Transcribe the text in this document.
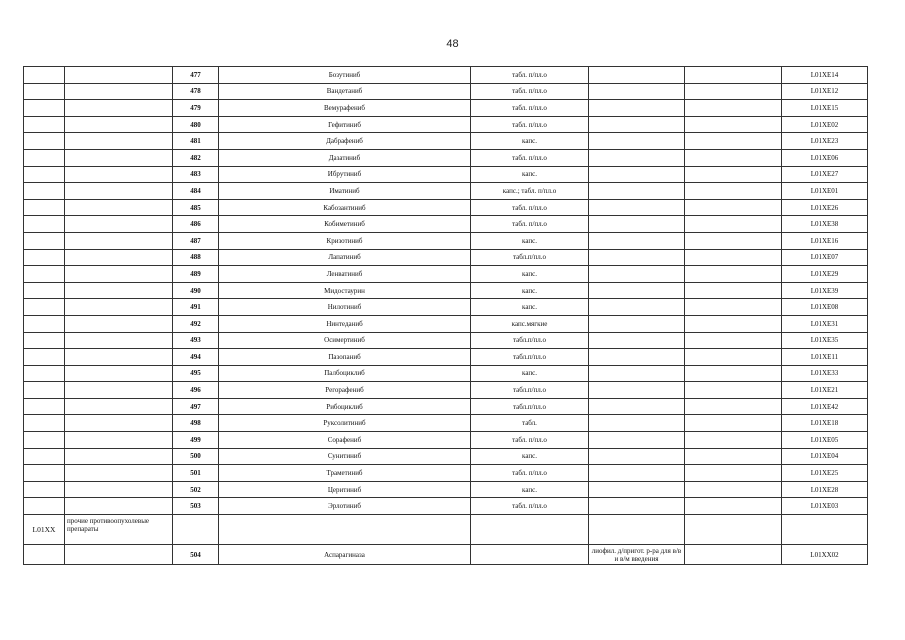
48
		477	Бозутиниб	табл. п/пл.о			L01XE14
		478	Вандетаниб	табл. п/пл.о			L01XE12
		479	Вемурафениб	табл. п/пл.о			L01XE15
		480	Гефитиниб	табл. п/пл.о			L01XE02
		481	Дабрафениб	капс.			L01XE23
		482	Дазатиниб	табл. п/пл.о			L01XE06
		483	Ибрутиниб	капс.			L01XE27
		484	Иматиниб	капс.; табл. п/пл.о			L01XE01
		485	Кабозантиниб	табл. п/пл.о			L01XE26
		486	Кобиметиниб	табл. п/пл.о			L01XE38
		487	Кризотиниб	капс.			L01XE16
		488	Лапатиниб	табл.п/пл.о			L01XE07
		489	Ленватиниб	капс.			L01XE29
		490	Мидостаурин	капс.			L01XE39
		491	Нилотиниб	капс.			L01XE08
		492	Нинтеданиб	капс.мягкие			L01XE31
		493	Осимертиниб	табл.п/пл.о			L01XE35
		494	Пазопаниб	табл.п/пл.о			L01XE11
		495	Палбоциклиб	капс.			L01XE33
		496	Регорафениб	табл.п/пл.о			L01XE21
		497	Рибоциклиб	табл.п/пл.о			L01XE42
		498	Руксолитиниб	табл.			L01XE18
		499	Сорафениб	табл. п/пл.о			L01XE05
		500	Сунитиниб	капс.			L01XE04
		501	Траметиниб	табл. п/пл.о			L01XE25
		502	Церитиниб	капс.			L01XE28
		503	Эрлотиниб	табл. п/пл.о			L01XE03
L01XX	прочие противоопухолевые препараты						
		504	Аспарагиназа		лиофил. д/пригот. р-ра для в/в и в/м введения		L01XX02
